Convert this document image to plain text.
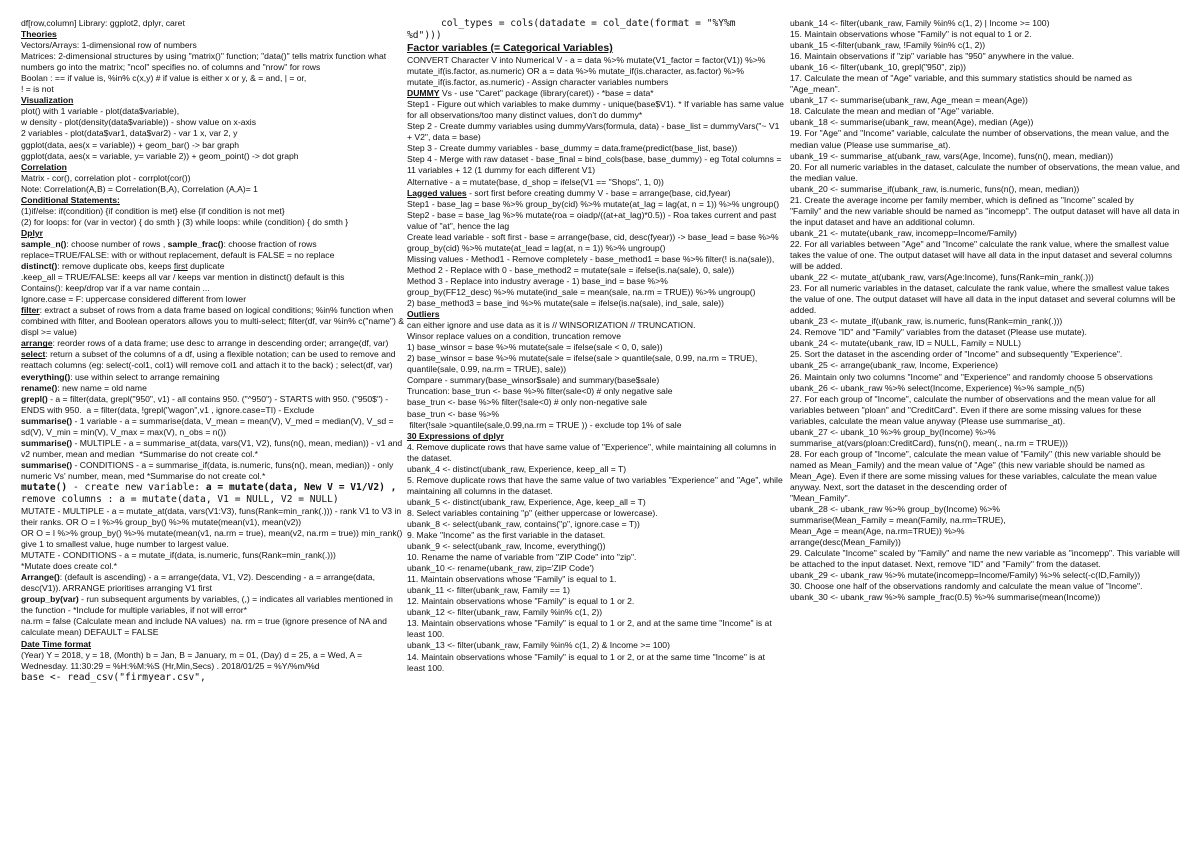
df[row,column] Library: ggplot2, dplyr, caret
Theories
Vectors/Arrays: 1-dimensional row of numbers
Matrices: 2-dimensional structures by using "matrix()" function; "data()" tells matrix function what numbers go into the matrix; "ncol" specifies no. of columns and "nrow" for rows
Boolan : == if value is, %in% c(x,y) # if value is either x or y, & = and, | = or,
! = is not
Visualization
plot() with 1 variable - plot(data$variable),
w density - plot(density(data$variable)) - show value on x-axis
2 variables - plot(data$var1, data$var2) - var 1 x, var 2, y
ggplot(data, aes(x = variable)) + geom_bar() -> bar graph
ggplot(data, aes(x = variable, y= variable 2)) + geom_point() -> dot graph
Correlation
Matrix - cor(), correlation plot - corrplot(cor())
Note: Correlation(A,B) = Correlation(B,A), Correlation (A,A)= 1
Conditional Statements:
(1)if/else: if(condition) {if condition is met} else {if condition is not met}
(2) for loops: for (var in vector) { do smth } (3) while loops: while (condition) { do smth }
Dplyr
sample_n(): choose number of rows , sample_frac(): choose fraction of rows
replace=TRUE/FALSE: with or without replacement, default is FALSE = no replace
distinct(): remove duplicate obs, keeps first duplicate
.keep_all = TRUE/FALSE: keeps all var / keeps var mention in distinct() default is this
Contains(): keep/drop var if a var name contain ...
Ignore.case = F: uppercase considered different from lower
filter: extract a subset of rows from a data frame based on logical conditions; %in% function when combined with filter, and Boolean operators allows you to multi-select; filter(df, var %in% c("name") & displ >= value)
arrange: reorder rows of a data frame; use desc to arrange in descending order; arrange(df, var)
select: return a subset of the columns of a df, using a flexible notation; can be used to remove and reattach columns (eg: select(-col1, col1) will remove col1 and attach it to the back) ; select(df, var) everything(): use within select to arrange remaining
rename(): new name = old name
grepl() - a = filter(data, grepl("950", v1) - all contains 950. ("^950") - STARTS with 950. ("950$") - ENDS with 950.  a = filter(data, !grepl("wagon",v1 , ignore.case=TI) - Exclude
summarise() - 1 variable - a = summarise(data, V_mean = mean(V), V_med = median(V), V_sd = sd(V), V_min = min(V), V_max = max(V), n_obs = n())
summarise() - MULTIPLE - a = summarise_at(data, vars(V1, V2), funs(n(), mean, median)) - v1 and v2 number, mean and median  *Summarise do not create col.*
summarise() - CONDITIONS - a = summarise_if(data, is.numeric, funs(n(), mean, median)) - only numeric Vs' number, mean, med *Summarise do not create col.*
mutate() - create new variable: a = mutate(data, New V = V1/V2) ,
remove columns : a = mutate(data, V1 = NULL, V2 = NULL)
MUTATE - MULTIPLE - a = mutate_at(data, vars(V1:V3), funs(Rank=min_rank(.))) - rank V1 to V3 in their ranks. OR O = I %>% group_by() %>% mutate(mean(v1), mean(v2))
OR O = I %>% group_by() %>% mutate(mean(v1, na.rm = true), mean(v2, na.rm = true)) min_rank() give 1 to smallest value, huge number to largest value.
MUTATE - CONDITIONS - a = mutate_if(data, is.numeric, funs(Rank=min_rank(.)))
*Mutate does create col.*
Arrange(): (default is ascending) - a = arrange(data, V1, V2). Descending - a = arrange(data, desc(V1)). ARRANGE prioritises arranging V1 first
group_by(var) - run subsequent arguments by variables, (,) = indicates all variables mentioned in the function - *Include for multiple variables, if not will error*
na.rm = false (Calculate mean and include NA values)  na. rm = true (ignore presence of NA and calculate mean) DEFAULT = FALSE
Date Time format
(Year) Y = 2018, y = 18, (Month) b = Jan, B = January, m = 01, (Day) d = 25, a = Wed, A = Wednesday. 11:30:29 = %H:%M:%S (Hr,Min,Secs) . 2018/01/25 = %Y/%m/%d
base <- read_csv("firmyear.csv",
col_types = cols(datadate = col_date(format = "%Y%m
%d")))
Factor variables (= Categorical Variables)
CONVERT Character V into Numerical V - a = data %>% mutate(V1_factor = factor(V1)) %>% mutate_if(is.factor, as.numeric) OR a = data %>% mutate_if(is.character, as.factor) %>% mutate_if(is.factor, as.numeric) - Assign character variables numbers
DUMMY Vs - use "Caret" package (library(caret)) - *base = data*
Step1 - Figure out which variables to make dummy - unique(base$V1). * If variable has same value for all observations/too many distinct values, don't do dummy*
Step 2 - Create dummy variables using dummyVars(formula, data) - base_list = dummyVars("~ V1 + V2", data = base)
Step 3 - Create dummy variables - base_dummy = data.frame(predict(base_list, base))
Step 4 - Merge with raw dataset - base_final = bind_cols(base, base_dummy) - eg Total columns = 11 variables + 12 (1 dummy for each different V1)
Alternative - a = mutate(base, d_shop = ifelse(V1 == "Shops", 1, 0))
Lagged values - sort first before creating dummy V - base = arrange(base, cid,fyear)
Step1 - base_lag = base %>% group_by(cid) %>% mutate(at_lag = lag(at, n = 1)) %>% ungroup()
Step2 - base = base_lag %>% mutate(roa = oiadp/((at+at_lag)*0.5)) - Roa takes current and past value of "at", hence the lag
Create lead variable - soft first - base = arrange(base, cid, desc(fyear)) -> base_lead = base %>% group_by(cid) %>% mutate(at_lead = lag(at, n = 1)) %>% ungroup()
Missing values - Method1 - Remove completely - base_method1 = base %>% filter(! is.na(sale)),
Method 2 - Replace with 0 - base_method2 = mutate(sale = ifelse(is.na(sale), 0, sale))
Method 3 - Replace into industry average - 1) base_ind = base %>%
group_by(FF12_desc) %>% mutate(ind_sale = mean(sale, na.rm = TRUE)) %>% ungroup()
2) base_method3 = base_ind %>% mutate(sale = ifelse(is.na(sale), ind_sale, sale))
Outliers
can either ignore and use data as it is // WINSORIZATION // TRUNCATION.
Winsor replace values on a condition, truncation remove
1) base_winsor = base %>% mutate(sale = ifelse(sale < 0, 0, sale))
2) base_winsor = base %>% mutate(sale = ifelse(sale > quantile(sale, 0.99, na.rm = TRUE), quantile(sale, 0.99, na.rm = TRUE), sale))
Compare - summary(base_winsor$sale) and summary(base$sale)
Truncation: base_trun <- base %>% filter(sale<0) # only negative sale
base_trun <- base %>% filter(!sale<0) # only non-negative sale
base_trun <- base %>%
filter(!sale >quantile(sale,0.99,na.rm = TRUE )) - exclude top 1% of sale
30 Expressions of dplyr
4. Remove duplicate rows that have same value of "Experience", while maintaining all columns in the dataset.
ubank_4 <- distinct(ubank_raw, Experience, keep_all = T)
5. Remove duplicate rows that have the same value of two variables "Experience" and "Age", while maintaining all columns in the dataset.
ubank_5 <- distinct(ubank_raw, Experience, Age, keep_all = T)
8. Select variables containing "p" (either uppercase or lowercase).
ubank_8 <- select(ubank_raw, contains("p", ignore.case = T))
9. Make "Income" as the first variable in the dataset.
ubank_9 <- select(ubank_raw, Income, everything())
10. Rename the name of variable from "ZIP Code" into "zip".
ubank_10 <- rename(ubank_raw, zip='ZIP Code')
11. Maintain observations whose "Family" is equal to 1.
ubank_11 <- filter(ubank_raw, Family == 1)
12. Maintain observations whose "Family" is equal to 1 or 2.
ubank_12 <- filter(ubank_raw, Family %in% c(1, 2))
13. Maintain observations whose "Family" is equal to 1 or 2, and at the same time "Income" is at least 100.
ubank_13 <- filter(ubank_raw, Family %in% c(1, 2) & Income >= 100)
14. Maintain observations whose "Family" is equal to 1 or 2, or at the same time "Income" is at least 100.
ubank_14 <- filter(ubank_raw, Family %in% c(1, 2) | Income >= 100)
15. Maintain observations whose "Family" is not equal to 1 or 2.
ubank_15 <-filter(ubank_raw, !Family %in% c(1, 2))
16. Maintain observations if "zip" variable has "950" anywhere in the value.
ubank_16 <- filter(ubank_10, grepl("950", zip))
17. Calculate the mean of "Age" variable, and this summary statistics should be named as "Age_mean".
ubank_17 <- summarise(ubank_raw, Age_mean = mean(Age))
18. Calculate the mean and median of "Age" variable.
ubank_18 <- summarise(ubank_raw, mean(Age), median (Age))
19. For "Age" and "Income" variable, calculate the number of observations, the mean value, and the median value (Please use summarise_at).
ubank_19 <- summarise_at(ubank_raw, vars(Age, Income), funs(n(), mean, median))
20. For all numeric variables in the dataset, calculate the number of observations, the mean value, and the median value.
ubank_20 <- summarise_if(ubank_raw, is.numeric, funs(n(), mean, median))
21. Create the average income per family member, which is defined as "Income" scaled by
"Family" and the new variable should be named as "incomepp". The output dataset will have all data in the input dataset and have an additional column.
ubank_21 <- mutate(ubank_raw, incomepp=Income/Family)
22. For all variables between "Age" and "Income" calculate the rank value, where the smallest value takes the value of one. The output dataset will have all data in the input dataset and several columns will be added.
ubank_22 <- mutate_at(ubank_raw, vars(Age:Income), funs(Rank=min_rank(.)))
23. For all numeric variables in the dataset, calculate the rank value, where the smallest value takes the value of one. The output dataset will have all data in the input dataset and several columns will be added.
ubank_23 <- mutate_if(ubank_raw, is.numeric, funs(Rank=min_rank(.)))
24. Remove "ID" and "Family" variables from the dataset (Please use mutate).
ubank_24 <- mutate(ubank_raw, ID = NULL, Family = NULL)
25. Sort the dataset in the ascending order of "Income" and subsequently "Experience".
ubank_25 <- arrange(ubank_raw, Income, Experience)
26. Maintain only two columns "Income" and "Experience" and randomly choose 5 observations
ubank_26 <- ubank_raw %>% select(Income, Experience) %>% sample_n(5)
27. For each group of "Income", calculate the number of observations and the mean value for all variables between "ploan" and "CreditCard". Even if there are some missing values for these variables, calculate the mean value anyway (Please use summarise_at).
ubank_27 <- ubank_10 %>% group_by(Income) %>%
summarise_at(vars(ploan:CreditCard), funs(n(), mean(., na.rm = TRUE)))
28. For each group of "Income", calculate the mean value of "Family" (this new variable should be named as Mean_Family) and the mean value of "Age" (this new variable should be named as Mean_Age). Even if there are some missing values for these variables, calculate the mean value anyway. Next, sort the dataset in the descending order of
"Mean_Family".
ubank_28 <- ubank_raw %>% group_by(Income) %>%
summarise(Mean_Family = mean(Family, na.rm=TRUE),
Mean_Age = mean(Age, na.rm=TRUE)) %>%
arrange(desc(Mean_Family))
29. Calculate "Income" scaled by "Family" and name the new variable as "incomepp". This variable will be attached to the input dataset. Next, remove "ID" and "Family" from the dataset.
ubank_29 <- ubank_raw %>% mutate(incomepp=Income/Family) %>% select(-c(ID,Family))
30. Choose one half of the observations randomly and calculate the mean value of "Income".
ubank_30 <- ubank_raw %>% sample_frac(0.5) %>% summarise(mean(Income))
